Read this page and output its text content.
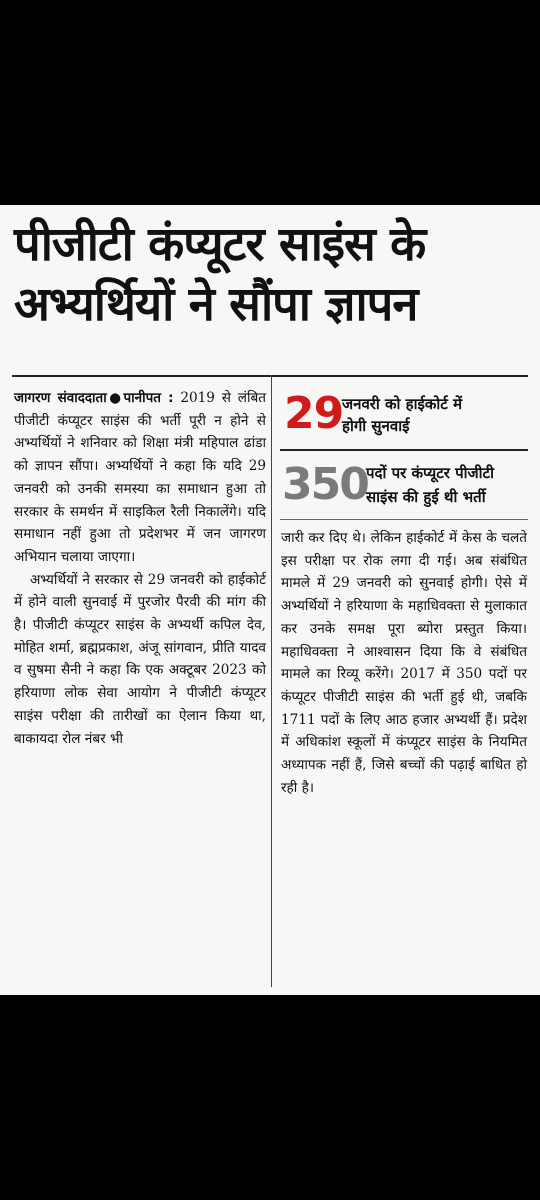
पीजीटी कंप्यूटर साइंस के
अभ्यर्थियों ने सौंपा ज्ञापन

जागरण संवाददाता●पानीपत : 2019 से लंबित पीजीटी कंप्यूटर साइंस की भर्ती पूरी न होने से अभ्यर्थियों ने शनिवार को शिक्षा मंत्री महिपाल ढांडा को ज्ञापन सौंपा। अभ्यर्थियों ने कहा कि यदि 29 जनवरी को उनकी समस्या का समाधान हुआ तो सरकार के समर्थन में साइकिल रैली निकालेंगे। यदि समाधान नहीं हुआ तो प्रदेशभर में जन जागरण अभियान चलाया जाएगा।

अभ्यर्थियों ने सरकार से 29 जनवरी को हाईकोर्ट में होने वाली सुनवाई में पुरजोर पैरवी की मांग की है। पीजीटी कंप्यूटर साइंस के अभ्यर्थी कपिल देव, मोहित शर्मा, ब्रह्मप्रकाश, अंजू सांगवान, प्रीति यादव व सुषमा सैनी ने कहा कि एक अक्टूबर 2023 को हरियाणा लोक सेवा आयोग ने पीजीटी कंप्यूटर साइंस परीक्षा की तारीखों का ऐलान किया था, बाकायदा रोल नंबर भी

29
जनवरी को हाईकोर्ट में
होगी सुनवाई
350
पदों पर कंप्यूटर पीजीटी
साइंस की हुई थी भर्ती

जारी कर दिए थे। लेकिन हाईकोर्ट में केस के चलते इस परीक्षा पर रोक लगा दी गई। अब संबंधित मामले में 29 जनवरी को सुनवाई होगी। ऐसे में अभ्यर्थियों ने हरियाणा के महाधिवक्ता से मुलाकात कर उनके समक्ष पूरा ब्योरा प्रस्तुत किया। महाधिवक्ता ने आश्वासन दिया कि वे संबंधित मामले का रिव्यू करेंगे। 2017 में 350 पदों पर कंप्यूटर पीजीटी साइंस की भर्ती हुई थी, जबकि 1711 पदों के लिए आठ हजार अभ्यर्थी हैं। प्रदेश में अधिकांश स्कूलों में कंप्यूटर साइंस के नियमित अध्यापक नहीं हैं, जिसे बच्चों की पढ़ाई बाधित हो रही है।
